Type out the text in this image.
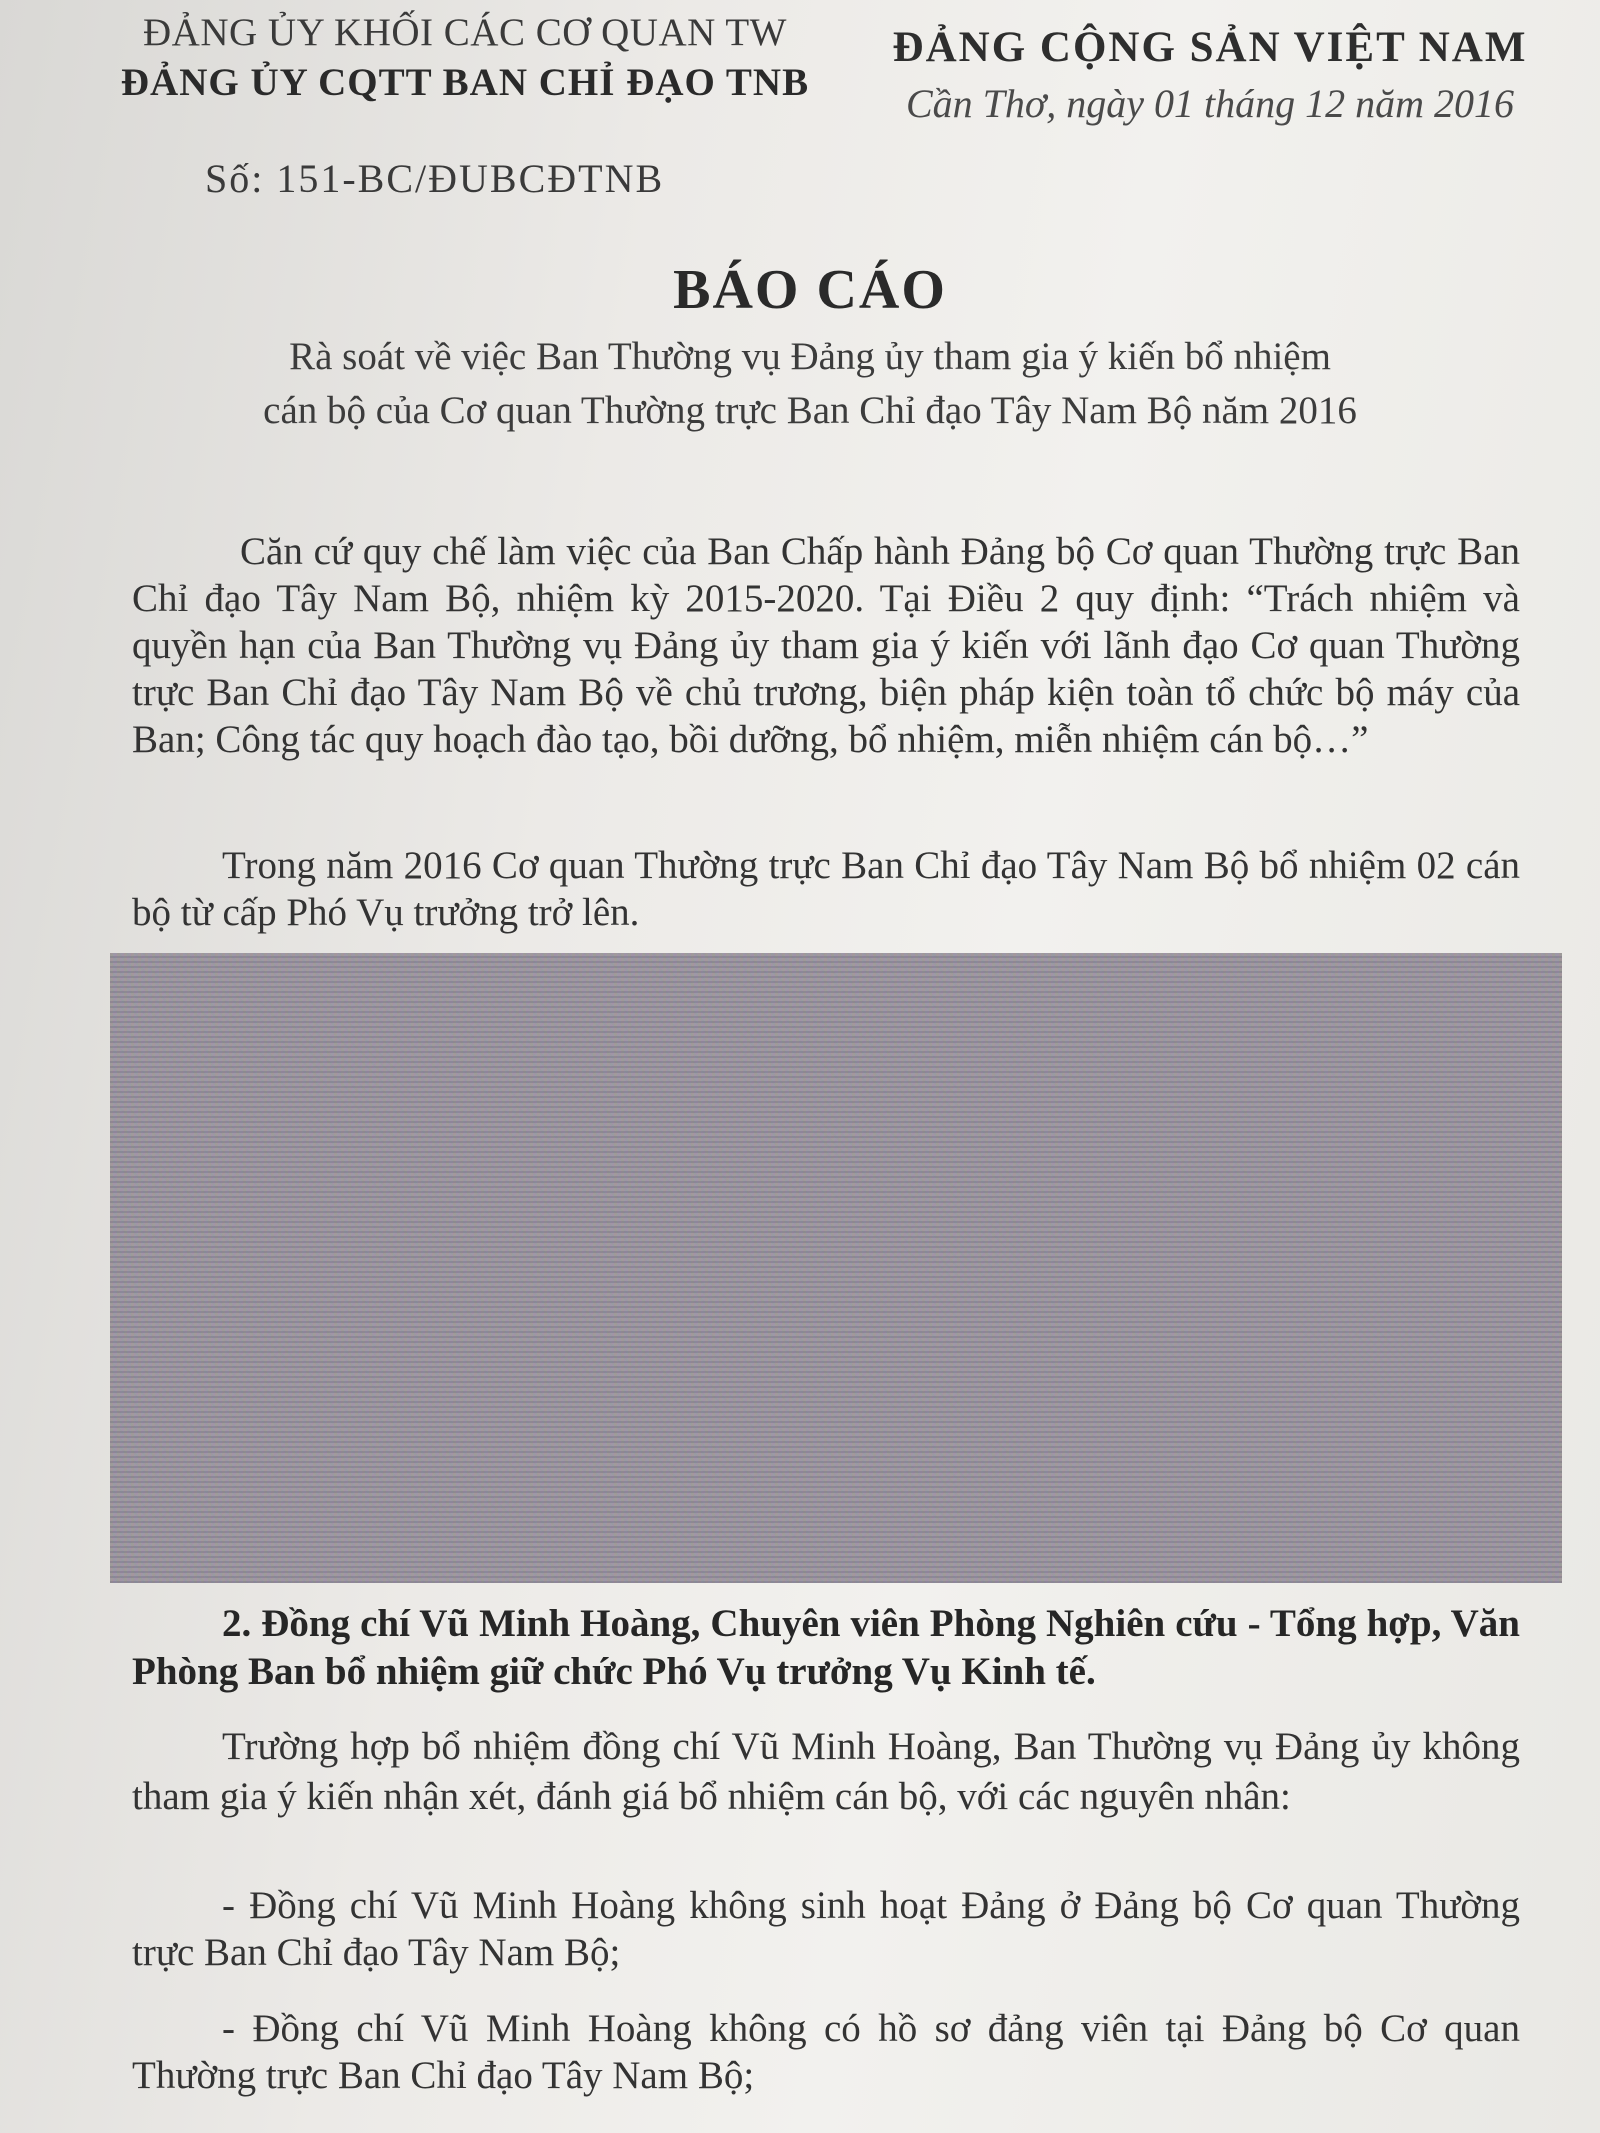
ĐẢNG ỦY KHỐI CÁC CƠ QUAN TW
ĐẢNG ỦY CQTT BAN CHỈ ĐẠO TNB
ĐẢNG CỘNG SẢN VIỆT NAM
Cần Thơ, ngày 01 tháng 12 năm 2016
Số: 151-BC/ĐUBCĐTNB
BÁO CÁO
Rà soát về việc Ban Thường vụ Đảng ủy tham gia ý kiến bổ nhiệm
cán bộ của Cơ quan Thường trực Ban Chỉ đạo Tây Nam Bộ năm 2016
Căn cứ quy chế làm việc của Ban Chấp hành Đảng bộ Cơ quan Thường trực Ban Chỉ đạo Tây Nam Bộ, nhiệm kỳ 2015-2020. Tại Điều 2 quy định: “Trách nhiệm và quyền hạn của Ban Thường vụ Đảng ủy tham gia ý kiến với lãnh đạo Cơ quan Thường trực Ban Chỉ đạo Tây Nam Bộ về chủ trương, biện pháp kiện toàn tổ chức bộ máy của Ban; Công tác quy hoạch đào tạo, bồi dưỡng, bổ nhiệm, miễn nhiệm cán bộ…”
Trong năm 2016 Cơ quan Thường trực Ban Chỉ đạo Tây Nam Bộ bổ nhiệm 02 cán bộ từ cấp Phó Vụ trưởng trở lên.
2. Đồng chí Vũ Minh Hoàng, Chuyên viên Phòng Nghiên cứu - Tổng hợp, Văn Phòng Ban bổ nhiệm giữ chức Phó Vụ trưởng Vụ Kinh tế.
Trường hợp bổ nhiệm đồng chí Vũ Minh Hoàng, Ban Thường vụ Đảng ủy không tham gia ý kiến nhận xét, đánh giá bổ nhiệm cán bộ, với các nguyên nhân:
- Đồng chí Vũ Minh Hoàng không sinh hoạt Đảng ở Đảng bộ Cơ quan Thường trực Ban Chỉ đạo Tây Nam Bộ;
- Đồng chí Vũ Minh Hoàng không có hồ sơ đảng viên tại Đảng bộ Cơ quan Thường trực Ban Chỉ đạo Tây Nam Bộ;
